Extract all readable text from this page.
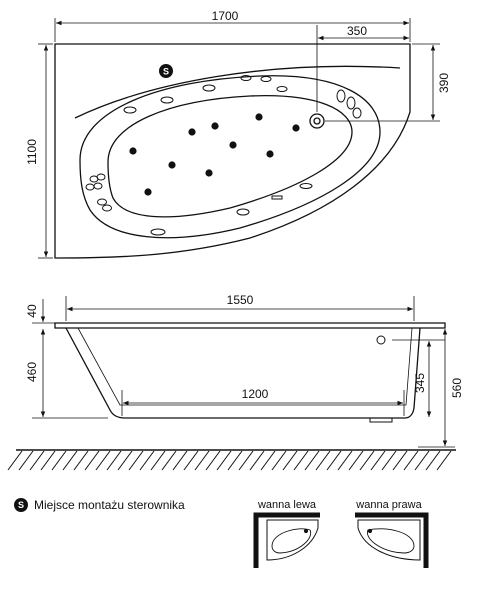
S
1700
350
390
1100
1550
1200
40
460
345 560
wanna lewa	wanna prawa
S Miejsce montażu sterownika
